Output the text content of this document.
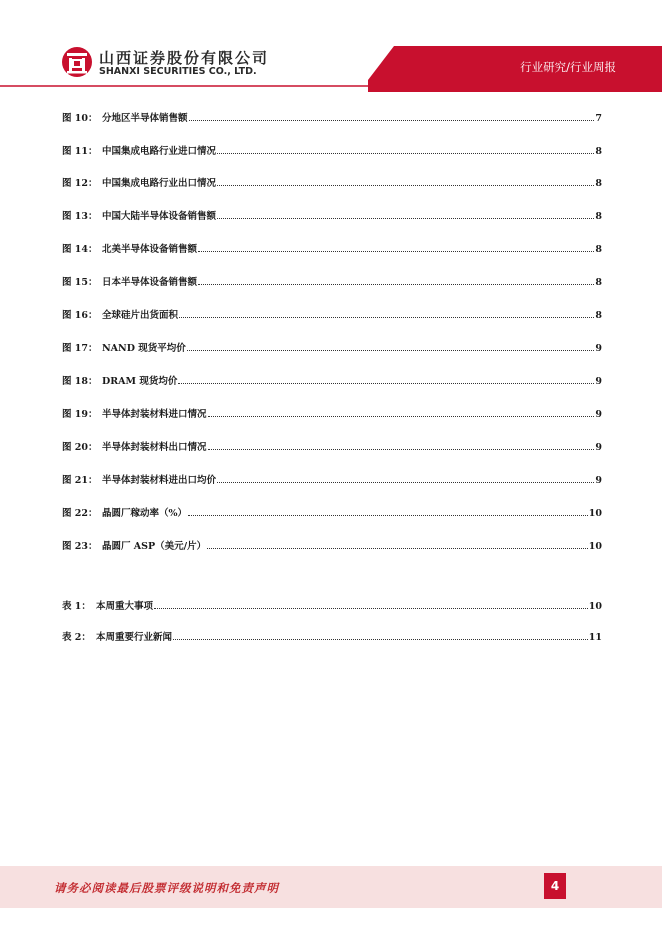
山西证券股份有限公司
SHANXI SECURITIES CO., LTD.	行业研究/行业周报
图 10： 分地区半导体销售额	7
图 11： 中国集成电路行业进口情况	8
图 12： 中国集成电路行业出口情况	8
图 13： 中国大陆半导体设备销售额	8
图 14： 北美半导体设备销售额	8
图 15： 日本半导体设备销售额	8
图 16： 全球硅片出货面积	8
图 17： NAND 现货平均价	9
图 18： DRAM 现货均价	9
图 19： 半导体封装材料进口情况	9
图 20： 半导体封装材料出口情况	9
图 21： 半导体封装材料进出口均价	9
图 22： 晶圆厂稼动率（%）	10
图 23： 晶圆厂 ASP（美元/片）	10
表 1： 本周重大事项	10
表 2： 本周重要行业新闻	11
请务必阅读最后股票评级说明和免责声明	4
